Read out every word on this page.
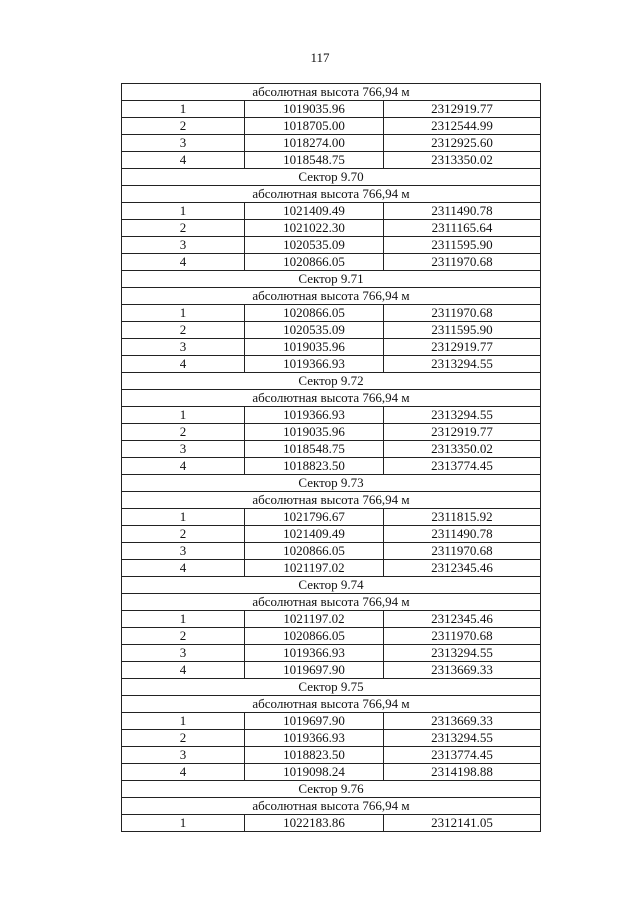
117
абсолютная высота 766,94 м		
1	1019035.96	2312919.77
2	1018705.00	2312544.99
3	1018274.00	2312925.60
4	1018548.75	2313350.02
Сектор 9.70		
абсолютная высота 766,94 м		
1	1021409.49	2311490.78
2	1021022.30	2311165.64
3	1020535.09	2311595.90
4	1020866.05	2311970.68
Сектор 9.71		
абсолютная высота 766,94 м		
1	1020866.05	2311970.68
2	1020535.09	2311595.90
3	1019035.96	2312919.77
4	1019366.93	2313294.55
Сектор 9.72		
абсолютная высота 766,94 м		
1	1019366.93	2313294.55
2	1019035.96	2312919.77
3	1018548.75	2313350.02
4	1018823.50	2313774.45
Сектор 9.73		
абсолютная высота 766,94 м		
1	1021796.67	2311815.92
2	1021409.49	2311490.78
3	1020866.05	2311970.68
4	1021197.02	2312345.46
Сектор 9.74		
абсолютная высота 766,94 м		
1	1021197.02	2312345.46
2	1020866.05	2311970.68
3	1019366.93	2313294.55
4	1019697.90	2313669.33
Сектор 9.75		
абсолютная высота 766,94 м		
1	1019697.90	2313669.33
2	1019366.93	2313294.55
3	1018823.50	2313774.45
4	1019098.24	2314198.88
Сектор 9.76		
абсолютная высота 766,94 м		
1	1022183.86	2312141.05
